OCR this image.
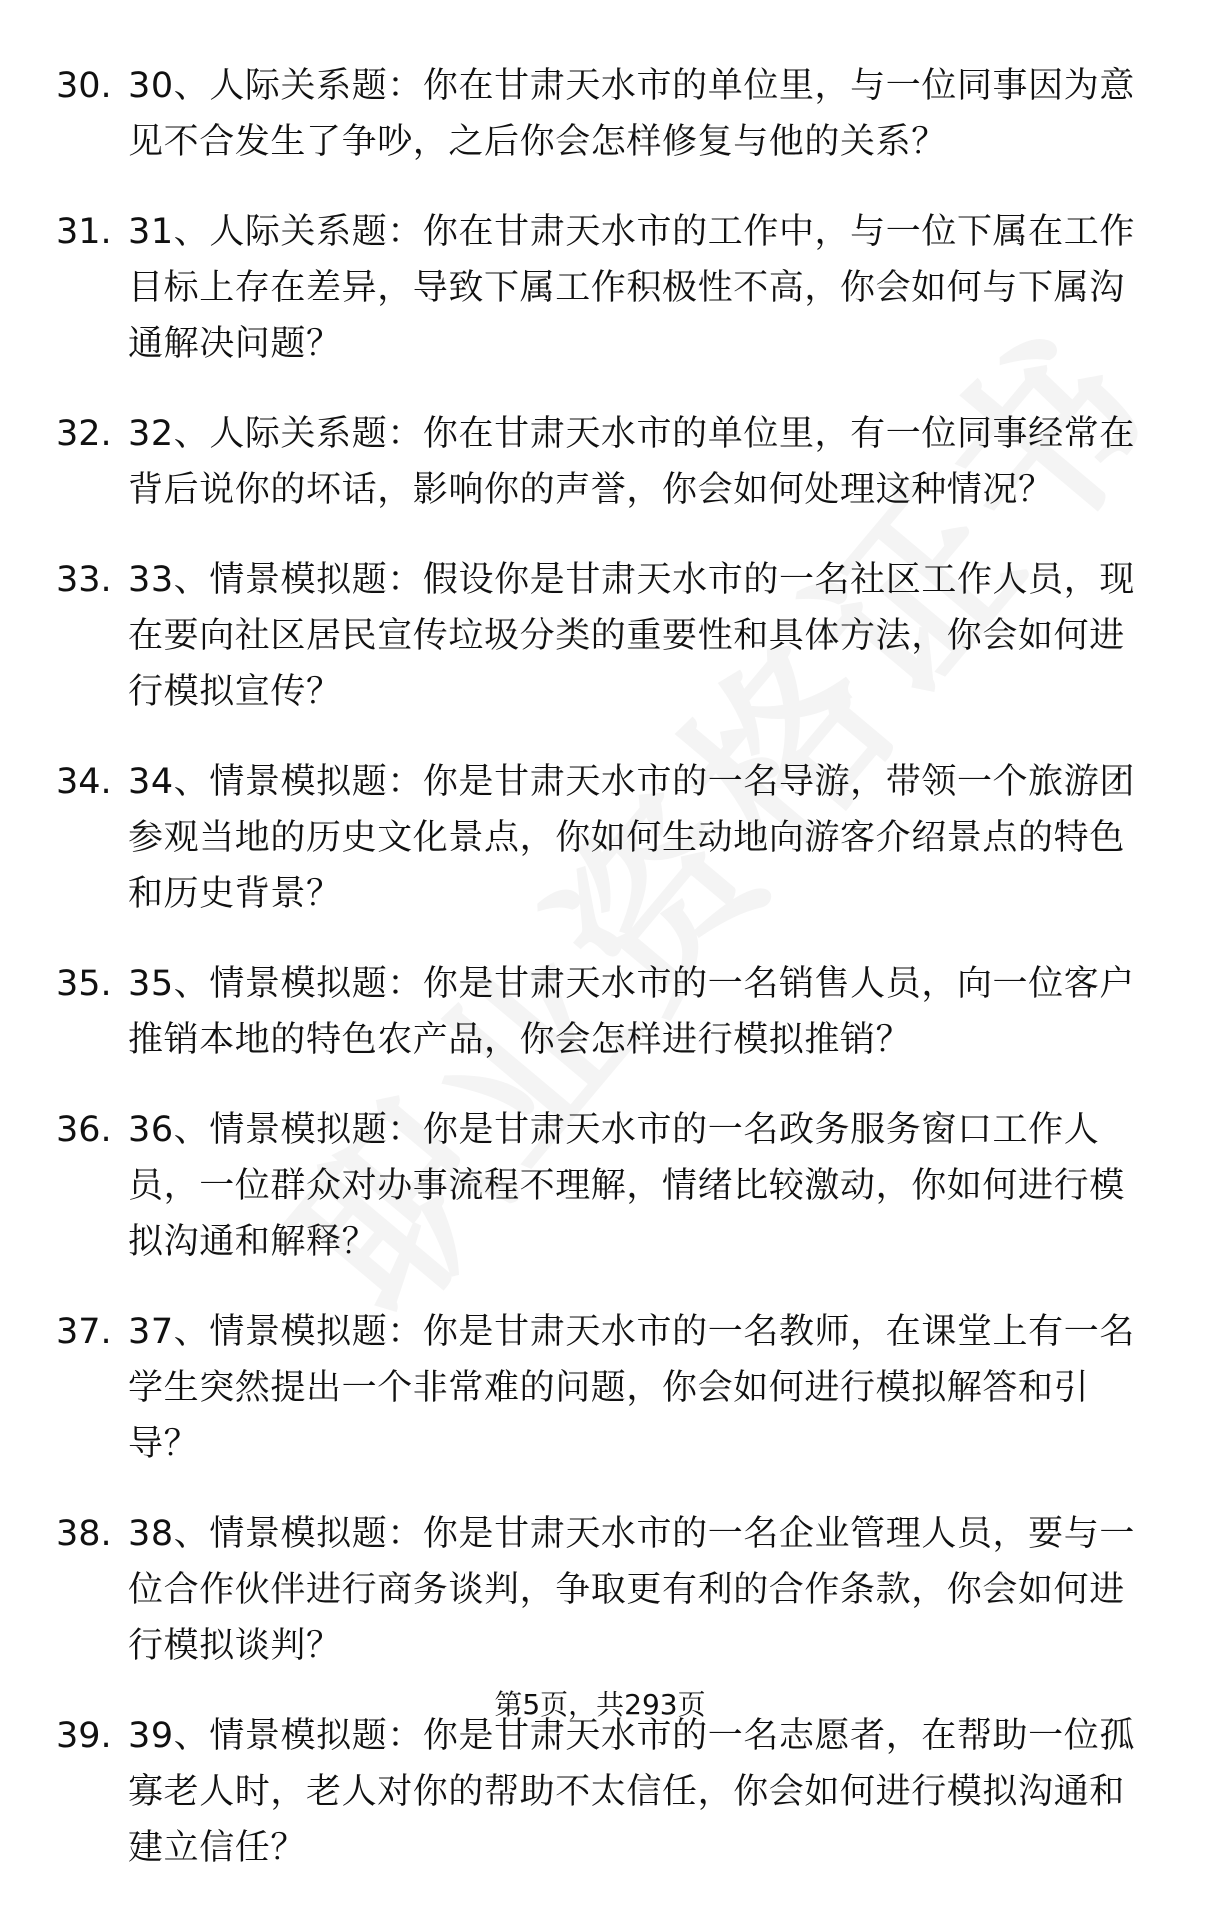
30. 30、人际关系题：你在甘肃天水市的单位里，与一位同事因为意见不合发生了争吵，之后你会怎样修复与他的关系？
31. 31、人际关系题：你在甘肃天水市的工作中，与一位下属在工作目标上存在差异，导致下属工作积极性不高，你会如何与下属沟通解决问题？
32. 32、人际关系题：你在甘肃天水市的单位里，有一位同事经常在背后说你的坏话，影响你的声誉，你会如何处理这种情况？
33. 33、情景模拟题：假设你是甘肃天水市的一名社区工作人员，现在要向社区居民宣传垃圾分类的重要性和具体方法，你会如何进行模拟宣传？
34. 34、情景模拟题：你是甘肃天水市的一名导游，带领一个旅游团参观当地的历史文化景点，你如何生动地向游客介绍景点的特色和历史背景？
35. 35、情景模拟题：你是甘肃天水市的一名销售人员，向一位客户推销本地的特色农产品，你会怎样进行模拟推销？
36. 36、情景模拟题：你是甘肃天水市的一名政务服务窗口工作人员，一位群众对办事流程不理解，情绪比较激动，你如何进行模拟沟通和解释？
37. 37、情景模拟题：你是甘肃天水市的一名教师，在课堂上有一名学生突然提出一个非常难的问题，你会如何进行模拟解答和引导？
38. 38、情景模拟题：你是甘肃天水市的一名企业管理人员，要与一位合作伙伴进行商务谈判，争取更有利的合作条款，你会如何进行模拟谈判？
39. 39、情景模拟题：你是甘肃天水市的一名志愿者，在帮助一位孤寡老人时，老人对你的帮助不太信任，你会如何进行模拟沟通和建立信任？
第5页，共293页
